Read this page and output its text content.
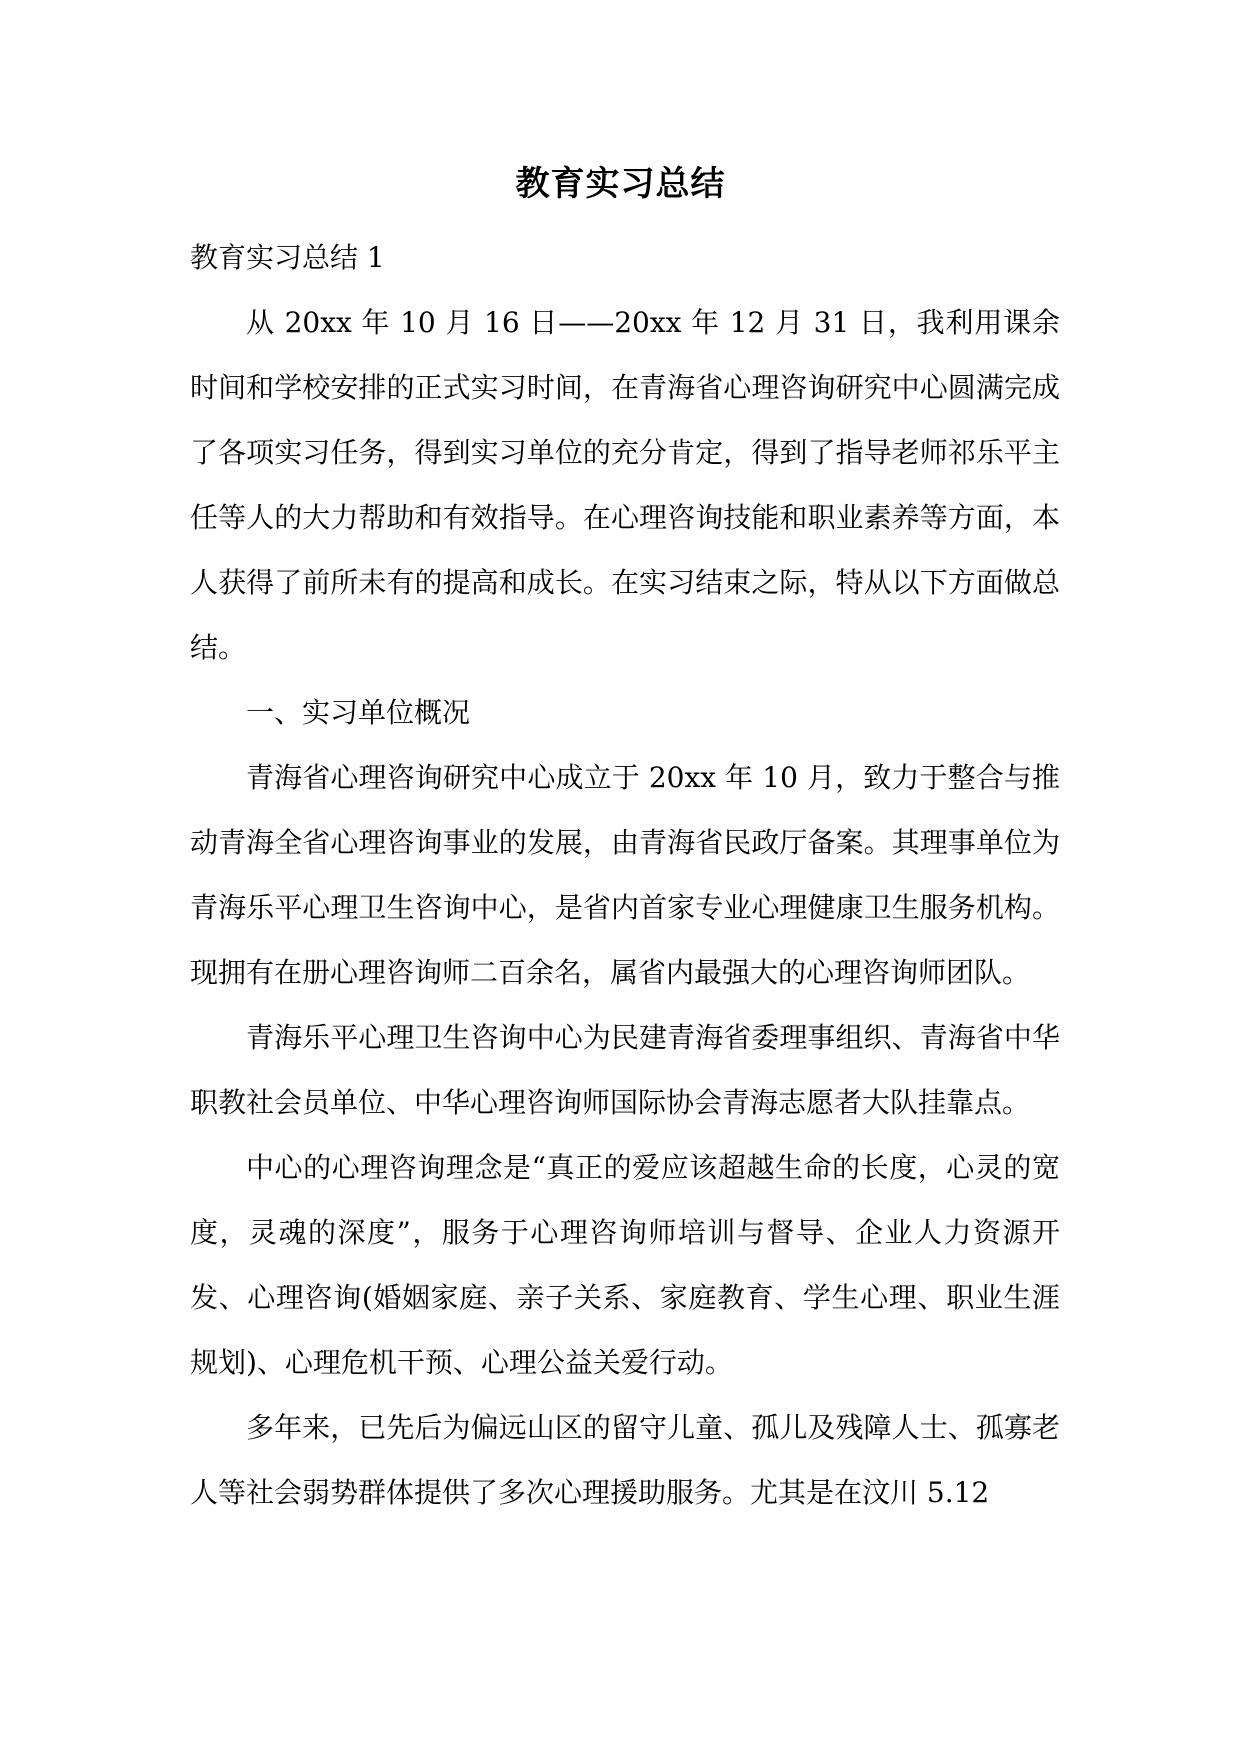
教育实习总结

教育实习总结 1

从 20xx 年 10 月 16 日——20xx 年 12 月 31 日，我利用课余时间和学校安排的正式实习时间，在青海省心理咨询研究中心圆满完成了各项实习任务，得到实习单位的充分肯定，得到了指导老师祁乐平主任等人的大力帮助和有效指导。在心理咨询技能和职业素养等方面，本人获得了前所未有的提高和成长。在实习结束之际，特从以下方面做总结。

一、实习单位概况

青海省心理咨询研究中心成立于 20xx 年 10 月，致力于整合与推动青海全省心理咨询事业的发展，由青海省民政厅备案。其理事单位为青海乐平心理卫生咨询中心，是省内首家专业心理健康卫生服务机构。现拥有在册心理咨询师二百余名，属省内最强大的心理咨询师团队。

青海乐平心理卫生咨询中心为民建青海省委理事组织、青海省中华职教社会员单位、中华心理咨询师国际协会青海志愿者大队挂靠点。

中心的心理咨询理念是“真正的爱应该超越生命的长度，心灵的宽度，灵魂的深度”，服务于心理咨询师培训与督导、企业人力资源开发、心理咨询(婚姻家庭、亲子关系、家庭教育、学生心理、职业生涯规划)、心理危机干预、心理公益关爱行动。

多年来，已先后为偏远山区的留守儿童、孤儿及残障人士、孤寡老人等社会弱势群体提供了多次心理援助服务。尤其是在汶川 5.12
